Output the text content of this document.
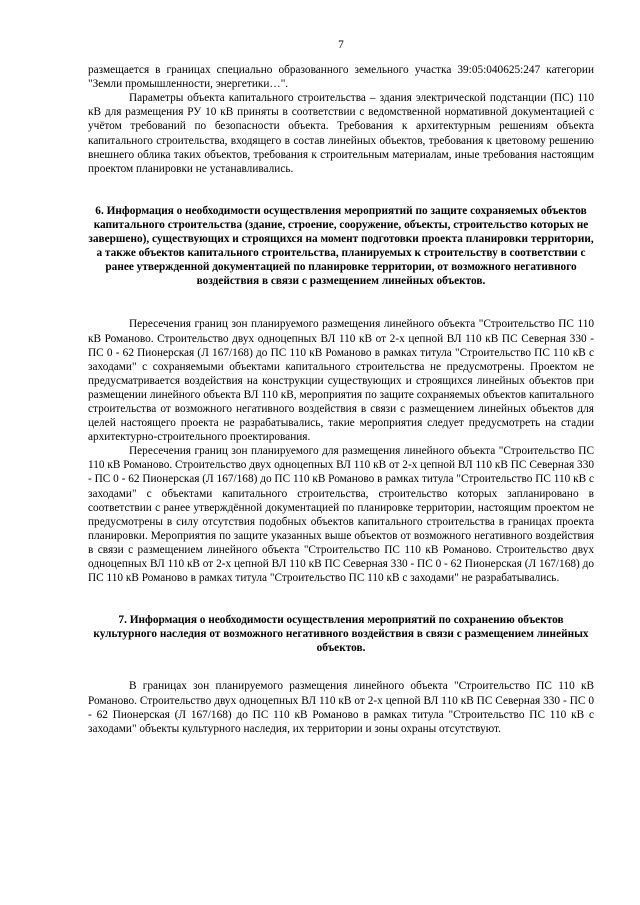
7

размещается в границах специально образованного земельного участка 39:05:040625:247 категории "Земли промышленности, энергетики…".

Параметры объекта капитального строительства – здания электрической подстанции (ПС) 110 кВ для размещения РУ 10 кВ приняты в соответствии с ведомственной нормативной документацией с учётом требований по безопасности объекта. Требования к архитектурным решениям объекта капитального строительства, входящего в состав линейных объектов, требования к цветовому решению внешнего облика таких объектов, требования к строительным материалам, иные требования настоящим проектом планировки не устанавливались.

6. Информация о необходимости осуществления мероприятий по защите сохраняемых объектов капитального строительства (здание, строение, сооружение, объекты, строительство которых не завершено), существующих и строящихся на момент подготовки проекта планировки территории, а также объектов капитального строительства, планируемых к строительству в соответствии с ранее утвержденной документацией по планировке территории, от возможного негативного воздействия в связи с размещением линейных объектов.

Пересечения границ зон планируемого размещения линейного объекта "Строительство ПС 110 кВ Романово. Строительство двух одноцепных ВЛ 110 кВ от 2-х цепной ВЛ 110 кВ ПС Северная 330 - ПС 0 - 62 Пионерская (Л 167/168) до ПС 110 кВ Романово в рамках титула "Строительство ПС 110 кВ с заходами" с сохраняемыми объектами капитального строительства не предусмотрены. Проектом не предусматривается воздействия на конструкции существующих и строящихся линейных объектов при размещении линейного объекта ВЛ 110 кВ, мероприятия по защите сохраняемых объектов капитального строительства от возможного негативного воздействия в связи с размещением линейных объектов для целей настоящего проекта не разрабатывались, такие мероприятия следует предусмотреть на стадии архитектурно-строительного проектирования.

Пересечения границ зон планируемого для размещения линейного объекта "Строительство ПС 110 кВ Романово. Строительство двух одноцепных ВЛ 110 кВ от 2-х цепной ВЛ 110 кВ ПС Северная 330 - ПС 0 - 62 Пионерская (Л 167/168) до ПС 110 кВ Романово в рамках титула "Строительство ПС 110 кВ с заходами" с объектами капитального строительства, строительство которых запланировано в соответствии с ранее утверждённой документацией по планировке территории, настоящим проектом не предусмотрены в силу отсутствия подобных объектов капитального строительства в границах проекта планировки. Мероприятия по защите указанных выше объектов от возможного негативного воздействия в связи с размещением линейного объекта "Строительство ПС 110 кВ Романово. Строительство двух одноцепных ВЛ 110 кВ от 2-х цепной ВЛ 110 кВ ПС Северная 330 - ПС 0 - 62 Пионерская (Л 167/168) до ПС 110 кВ Романово в рамках титула "Строительство ПС 110 кВ с заходами" не разрабатывались.

7. Информация о необходимости осуществления мероприятий по сохранению объектов культурного наследия от возможного негативного воздействия в связи с размещением линейных объектов.

В границах зон планируемого размещения линейного объекта "Строительство ПС 110 кВ Романово. Строительство двух одноцепных ВЛ 110 кВ от 2-х цепной ВЛ 110 кВ ПС Северная 330 - ПС 0 - 62 Пионерская (Л 167/168) до ПС 110 кВ Романово в рамках титула "Строительство ПС 110 кВ с заходами" объекты культурного наследия, их территории и зоны охраны отсутствуют.
